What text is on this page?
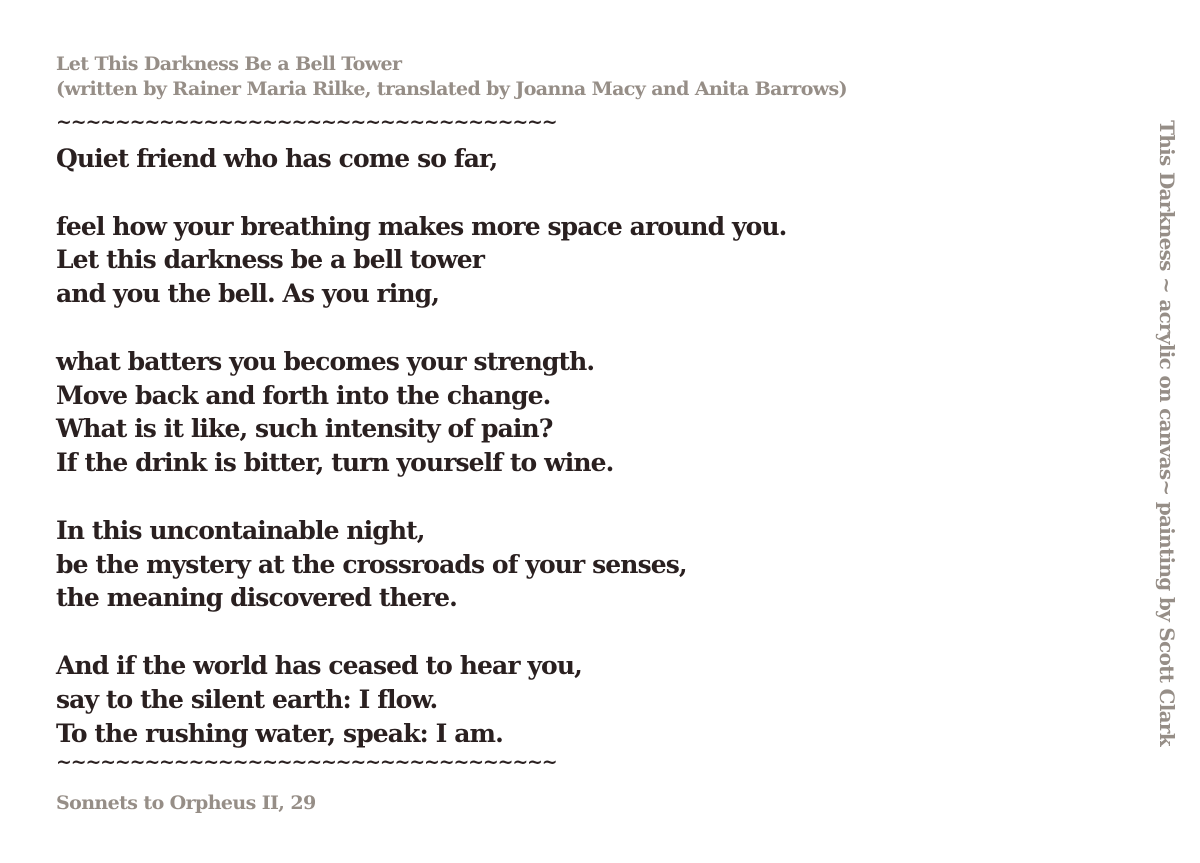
Let This Darkness Be a Bell Tower
(written by Rainer Maria Rilke, translated by Joanna Macy and Anita Barrows)
~~~~~~~~~~~~~~~~~~~~~~~~~~~~~~~~~~
Quiet friend who has come so far,
feel how your breathing makes more space around you.
Let this darkness be a bell tower
and you the bell. As you ring,
what batters you becomes your strength.
Move back and forth into the change.
What is it like, such intensity of pain?
If the drink is bitter, turn yourself to wine.
In this uncontainable night,
be the mystery at the crossroads of your senses,
the meaning discovered there.
And if the world has ceased to hear you,
say to the silent earth: I flow.
To the rushing water, speak: I am.
~~~~~~~~~~~~~~~~~~~~~~~~~~~~~~~~~~
Sonnets to Orpheus II, 29
This Darkness ~ acrylic on canvas~ painting by Scott Clark
